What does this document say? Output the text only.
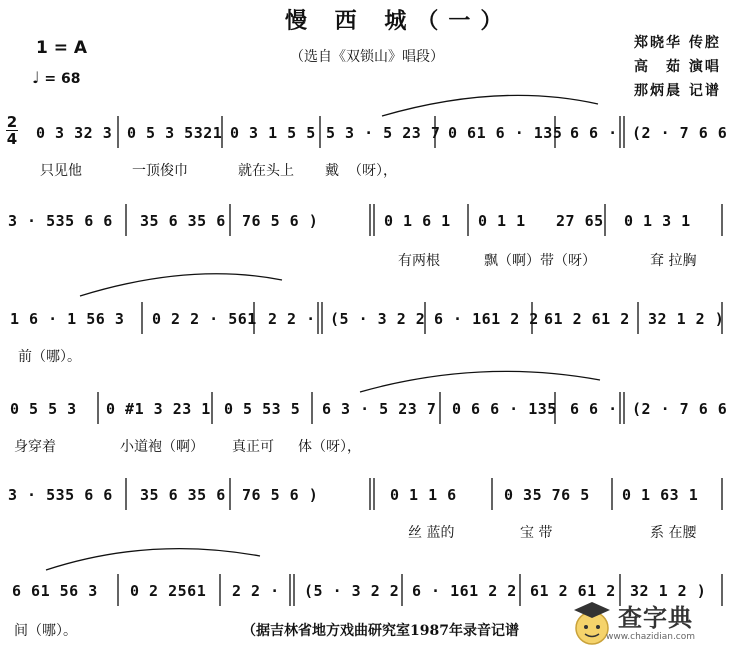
慢 西 城（一）
（选自《双锁山》唱段）
郑晓华 传腔
高　茹 演唱
那炳晨 记谱
1 = A
♩ = 68
2
4 0 3 32 3 0 5 3 5321 0 3 1 5 5 5 3 · 5 23 7 0 61 6 · 135 6 6 · (2 · 7 6 6
只见他	一顶俊巾	就在头上 戴 （呀），
3 · 535 6 6 35 6 35 6 76 5 6 )	0 1 6 1 0 1 1 27 65 0 1 3 1
有两根	飘（啊）带（呀）	耷 拉胸
1 6 · 1 56 3 0 2 2 · 561 2 2 · (5 · 3 2 2 6 · 161 2 2 61 2 61 2 32 1 2 )
前（哪）。
0 5 5 3 0 #1 3 23 1 0 5 53 5 6 3 · 5 23 7 0 6 6 · 135 6 6 · (2 · 7 6 6
身穿着	小道袍（啊） 真正可 体（呀），
3 · 535 6 6 35 6 35 6 76 5 6 )	0 1 1 6	0 35 76 5 0 1 63 1
丝 蓝的	宝 带	系 在腰
6 61 56 3 0 2 2561 2 2 · (5 · 3 2 2 6 · 161 2 2 61 2 61 2 32 1 2 )
间（哪）。	（据吉林省地方戏曲研究室1987年录音记谱	查字典
www.chazidian.com
